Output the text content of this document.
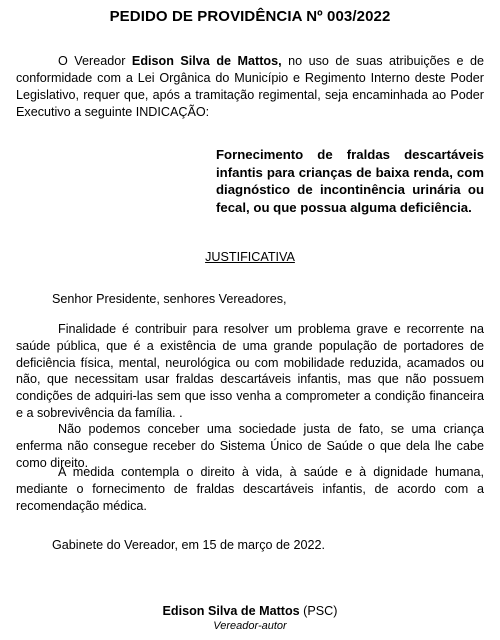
PEDIDO DE PROVIDÊNCIA Nº 003/2022
O Vereador Edison Silva de Mattos, no uso de suas atribuições e de conformidade com a Lei Orgânica do Município e Regimento Interno deste Poder Legislativo, requer que, após a tramitação regimental, seja encaminhada ao Poder Executivo a seguinte INDICAÇÃO:
Fornecimento de fraldas descartáveis infantis para crianças de baixa renda, com diagnóstico de incontinência urinária ou fecal, ou que possua alguma deficiência.
JUSTIFICATIVA
Senhor Presidente, senhores Vereadores,
Finalidade é contribuir para resolver um problema grave e recorrente na saúde pública, que é a existência de uma grande população de portadores de deficiência física, mental, neurológica ou com mobilidade reduzida, acamados ou não, que necessitam usar fraldas descartáveis infantis, mas que não possuem condições de adquiri-las sem que isso venha a comprometer a condição financeira e a sobrevivência da família. .
Não podemos conceber uma sociedade justa de fato, se uma criança enferma não consegue receber do Sistema Único de Saúde o que dela lhe cabe como direito.
A medida contempla o direito à vida, à saúde e à dignidade humana, mediante o fornecimento de fraldas descartáveis infantis, de acordo com a recomendação médica.
Gabinete do Vereador, em 15 de março de 2022.
Edison Silva de Mattos (PSC)
Vereador-autor
